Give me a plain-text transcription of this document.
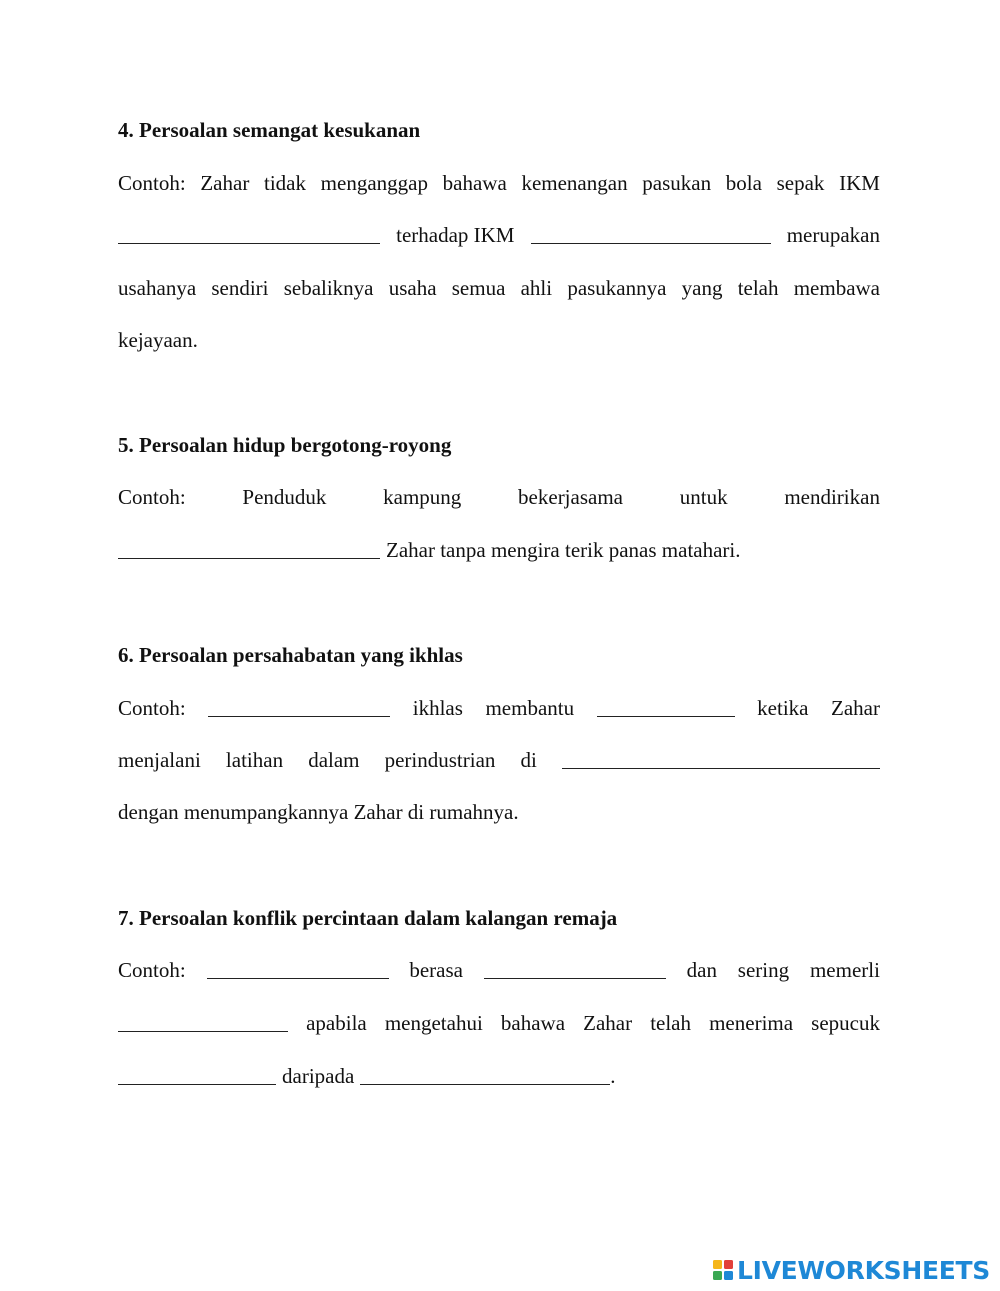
4. Persoalan semangat kesukanan
Contoh: Zahar tidak menganggap bahawa kemenangan pasukan bola sepak IKM
terhadap IKM	merupakan
usahanya sendiri sebaliknya usaha semua ahli pasukannya yang telah membawa
kejayaan.
5. Persoalan hidup bergotong-royong
Contoh:	Penduduk	kampung	bekerjasama	untuk	mendirikan
Zahar tanpa mengira terik panas matahari.
6. Persoalan persahabatan yang ikhlas
Contoh:	ikhlas membantu	ketika Zahar
menjalani latihan dalam perindustrian di
dengan menumpangkannya Zahar di rumahnya.
7. Persoalan konflik percintaan dalam kalangan remaja
Contoh:	berasa	dan sering memerli
apabila mengetahui bahawa Zahar telah menerima sepucuk
daripada	.
LIVEWORKSHEETS
